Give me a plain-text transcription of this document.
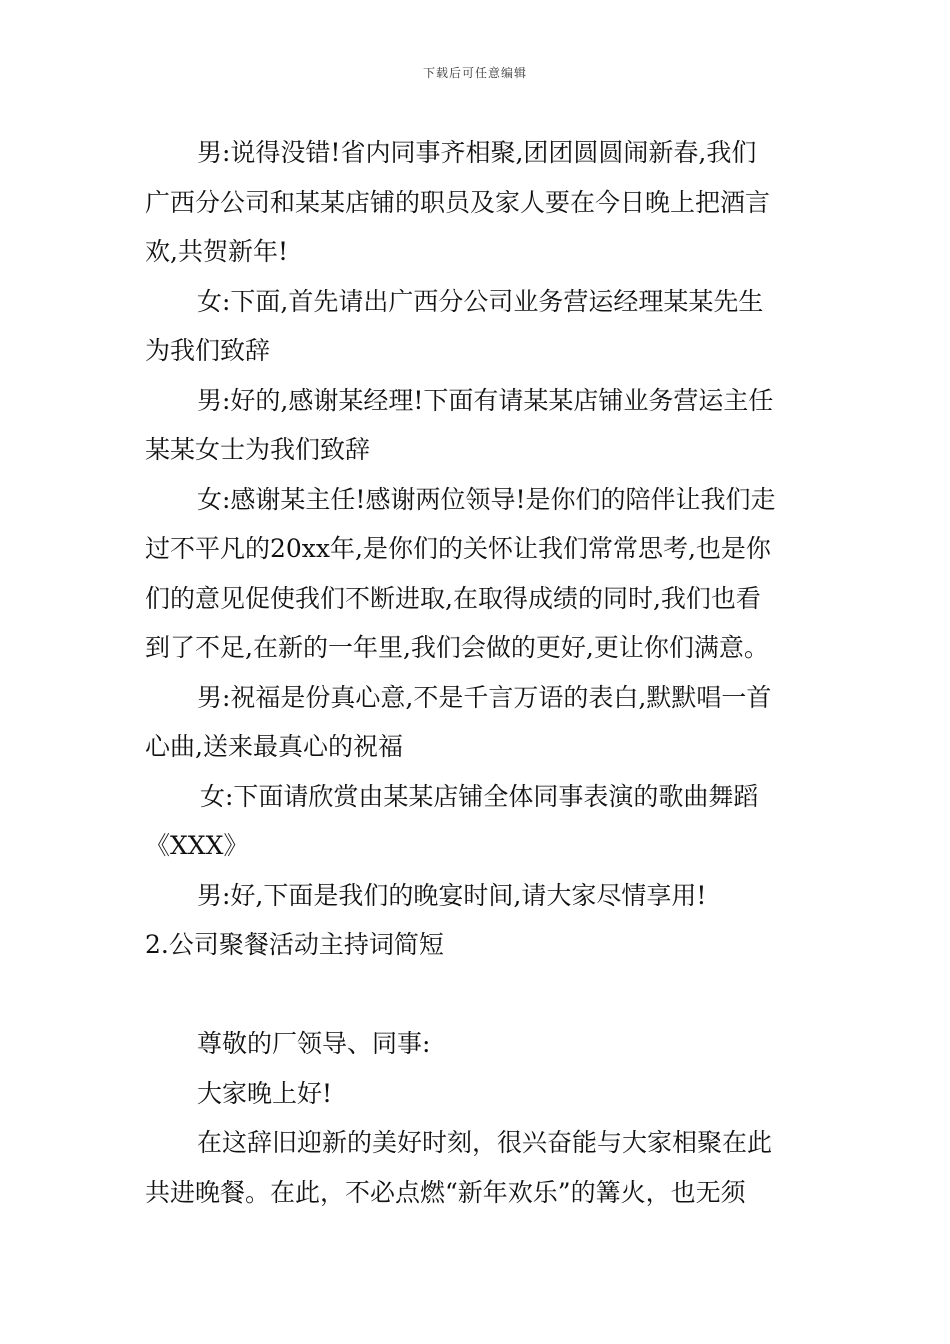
下载后可任意编辑
男:说得没错!省内同事齐相聚,团团圆圆闹新春,我们
广西分公司和某某店铺的职员及家人要在今日晚上把酒言
欢,共贺新年!
女:下面,首先请出广西分公司业务营运经理某某先生
为我们致辞
男:好的,感谢某经理!下面有请某某店铺业务营运主任
某某女士为我们致辞
女:感谢某主任!感谢两位领导!是你们的陪伴让我们走
过不平凡的20xx年,是你们的关怀让我们常常思考,也是你
们的意见促使我们不断进取,在取得成绩的同时,我们也看
到了不足,在新的一年里,我们会做的更好,更让你们满意。
男:祝福是份真心意,不是千言万语的表白,默默唱一首
心曲,送来最真心的祝福
女:下面请欣赏由某某店铺全体同事表演的歌曲舞蹈
《XXX》
男:好,下面是我们的晚宴时间,请大家尽情享用!
2.公司聚餐活动主持词简短
尊敬的厂领导、同事:
大家晚上好!
在这辞旧迎新的美好时刻，很兴奋能与大家相聚在此
共进晚餐。在此，不必点燃“新年欢乐”的篝火，也无须
